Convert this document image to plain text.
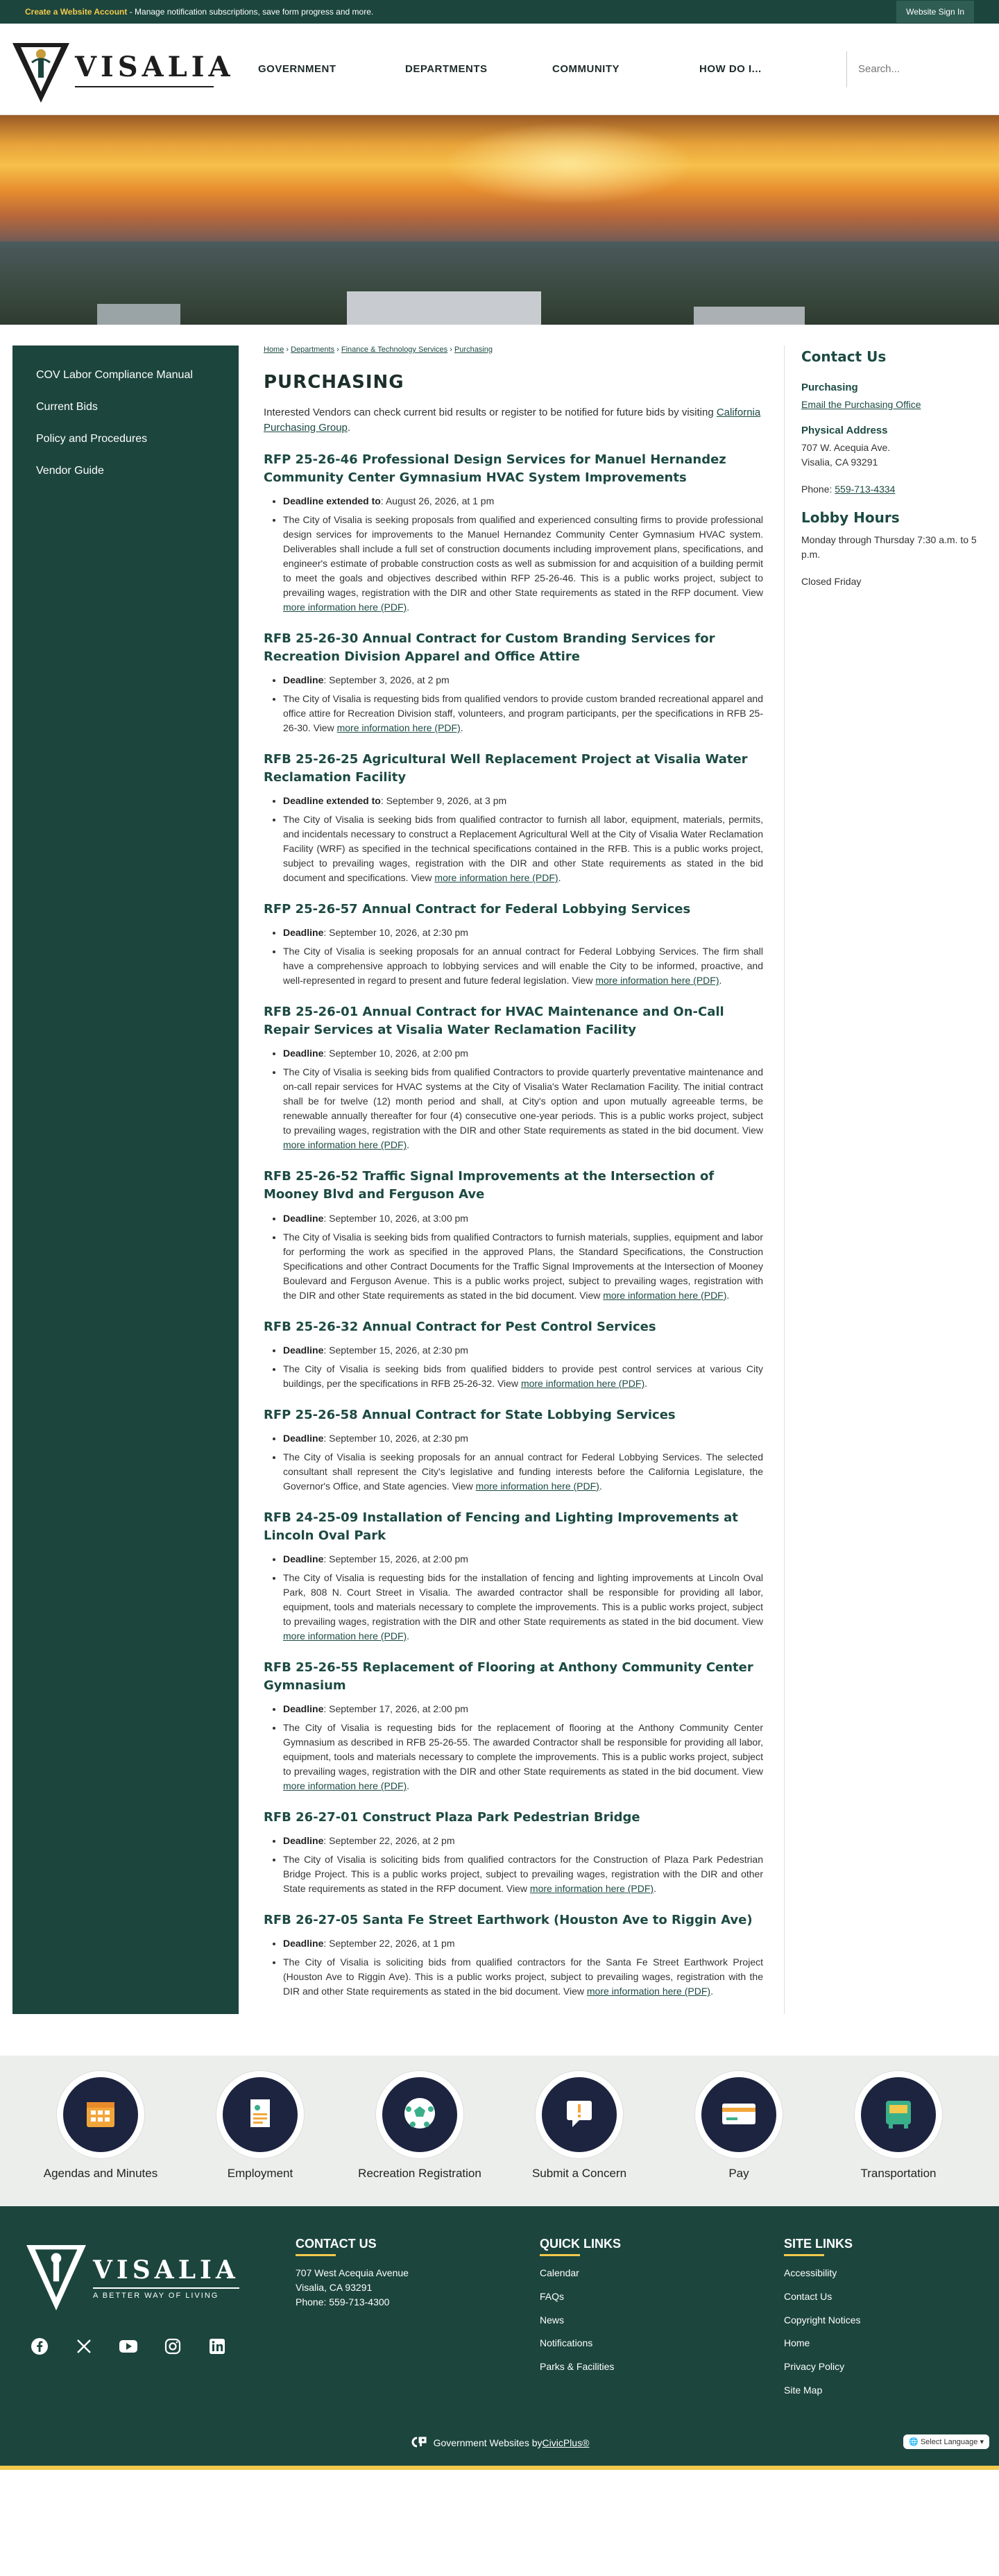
Create a Website Account - Manage notification subscriptions, save form progress and more.	Website Sign In
VISALIA GOVERNMENT	DEPARTMENTS	COMMUNITY	HOW DO I...
Search...
COV Labor Compliance Manual
Current Bids
Policy and Procedures
Vendor Guide
Home › Departments › Finance & Technology Services › Purchasing
PURCHASING

Interested Vendors can check current bid results or register to be notified for future bids by visiting California Purchasing Group.

RFP 25-26-46 Professional Design Services for Manuel Hernandez Community Center Gymnasium HVAC System Improvements
• Deadline extended to: August 26, 2026, at 1 pm
• The City of Visalia is seeking proposals from qualified and experienced consulting firms to provide professional design services for improvements to the Manuel Hernandez Community Center Gymnasium HVAC system. Deliverables shall include a full set of construction documents including improvement plans, specifications, and engineer's estimate of probable construction costs as well as submission for and acquisition of a building permit to meet the goals and objectives described within RFP 25-26-46. This is a public works project, subject to prevailing wages, registration with the DIR and other State requirements as stated in the RFP document. View more information here (PDF).
RFB 25-26-30 Annual Contract for Custom Branding Services for Recreation Division Apparel and Office Attire
• Deadline: September 3, 2026, at 2 pm
• The City of Visalia is requesting bids from qualified vendors to provide custom branded recreational apparel and office attire for Recreation Division staff, volunteers, and program participants, per the specifications in RFB 25-26-30. View more information here (PDF).
RFB 25-26-25 Agricultural Well Replacement Project at Visalia Water Reclamation Facility
• Deadline extended to: September 9, 2026, at 3 pm
• The City of Visalia is seeking bids from qualified contractor to furnish all labor, equipment, materials, permits, and incidentals necessary to construct a Replacement Agricultural Well at the City of Visalia Water Reclamation Facility (WRF) as specified in the technical specifications contained in the RFB. This is a public works project, subject to prevailing wages, registration with the DIR and other State requirements as stated in the bid document and specifications. View more information here (PDF).
RFP 25-26-57 Annual Contract for Federal Lobbying Services
• Deadline: September 10, 2026, at 2:30 pm
• The City of Visalia is seeking proposals for an annual contract for Federal Lobbying Services. The firm shall have a comprehensive approach to lobbying services and will enable the City to be informed, proactive, and well-represented in regard to present and future federal legislation. View more information here (PDF).
RFB 25-26-01 Annual Contract for HVAC Maintenance and On-Call Repair Services at Visalia Water Reclamation Facility
• Deadline: September 10, 2026, at 2:00 pm
• The City of Visalia is seeking bids from qualified Contractors to provide quarterly preventative maintenance and on-call repair services for HVAC systems at the City of Visalia's Water Reclamation Facility. The initial contract shall be for twelve (12) month period and shall, at City's option and upon mutually agreeable terms, be renewable annually thereafter for four (4) consecutive one-year periods. This is a public works project, subject to prevailing wages, registration with the DIR and other State requirements as stated in the bid document. View more information here (PDF).
RFB 25-26-52 Traffic Signal Improvements at the Intersection of Mooney Blvd and Ferguson Ave
• Deadline: September 10, 2026, at 3:00 pm
• The City of Visalia is seeking bids from qualified Contractors to furnish materials, supplies, equipment and labor for performing the work as specified in the approved Plans, the Standard Specifications, the Construction Specifications and other Contract Documents for the Traffic Signal Improvements at the Intersection of Mooney Boulevard and Ferguson Avenue. This is a public works project, subject to prevailing wages, registration with the DIR and other State requirements as stated in the bid document. View more information here (PDF).
RFB 25-26-32 Annual Contract for Pest Control Services
• Deadline: September 15, 2026, at 2:30 pm
• The City of Visalia is seeking bids from qualified bidders to provide pest control services at various City buildings, per the specifications in RFB 25-26-32. View more information here (PDF).
RFP 25-26-58 Annual Contract for State Lobbying Services
• Deadline: September 10, 2026, at 2:30 pm
• The City of Visalia is seeking proposals for an annual contract for Federal Lobbying Services. The selected consultant shall represent the City's legislative and funding interests before the California Legislature, the Governor's Office, and State agencies. View more information here (PDF).
RFB 24-25-09 Installation of Fencing and Lighting Improvements at Lincoln Oval Park
• Deadline: September 15, 2026, at 2:00 pm
• The City of Visalia is requesting bids for the installation of fencing and lighting improvements at Lincoln Oval Park, 808 N. Court Street in Visalia. The awarded contractor shall be responsible for providing all labor, equipment, tools and materials necessary to complete the improvements. This is a public works project, subject to prevailing wages, registration with the DIR and other State requirements as stated in the bid document. View more information here (PDF).
RFB 25-26-55 Replacement of Flooring at Anthony Community Center Gymnasium
• Deadline: September 17, 2026, at 2:00 pm
• The City of Visalia is requesting bids for the replacement of flooring at the Anthony Community Center Gymnasium as described in RFB 25-26-55. The awarded Contractor shall be responsible for providing all labor, equipment, tools and materials necessary to complete the improvements. This is a public works project, subject to prevailing wages, registration with the DIR and other State requirements as stated in the bid document. View more information here (PDF).
RFB 26-27-01 Construct Plaza Park Pedestrian Bridge
• Deadline: September 22, 2026, at 2 pm
• The City of Visalia is soliciting bids from qualified contractors for the Construction of Plaza Park Pedestrian Bridge Project. This is a public works project, subject to prevailing wages, registration with the DIR and other State requirements as stated in the RFP document. View more information here (PDF).
RFB 26-27-05 Santa Fe Street Earthwork (Houston Ave to Riggin Ave)
• Deadline: September 22, 2026, at 1 pm
• The City of Visalia is soliciting bids from qualified contractors for the Santa Fe Street Earthwork Project (Houston Ave to Riggin Ave). This is a public works project, subject to prevailing wages, registration with the DIR and other State requirements as stated in the bid document. View more information here (PDF).
Contact Us
Purchasing
Email the Purchasing Office
Physical Address
707 W. Acequia Ave.
Visalia, CA 93291
Phone: 559-713-4334
Lobby Hours
Monday through Thursday 7:30 a.m. to 5 p.m.
Closed Friday
Agendas and Minutes	Employment	Recreation Registration	Submit a Concern	Pay	Transportation
VISALIA
A BETTER WAY OF LIVING
CONTACT US
707 West Acequia Avenue
Visalia, CA 93291
Phone: 559-713-4300
QUICK LINKS
Calendar
FAQs
News
Notifications
Parks & Facilities
SITE LINKS
Accessibility
Contact Us
Copyright Notices
Home
Privacy Policy
Site Map
Government Websites by CivicPlus®	🌐 Select Language ▾
